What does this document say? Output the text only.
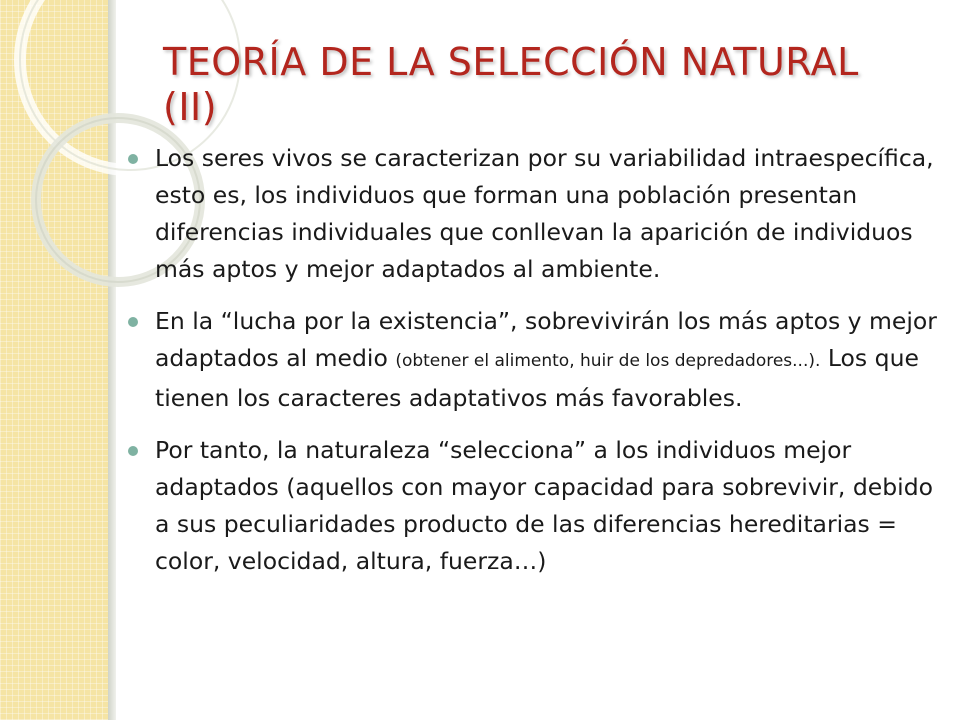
TEORÍA DE LA SELECCIÓN NATURAL (II)
Los seres vivos se caracterizan por su variabilidad intraespecífica, esto es, los individuos que forman una población presentan diferencias individuales que conllevan la aparición de individuos más aptos y mejor adaptados al ambiente.
En la “lucha por la existencia”, sobrevivirán los más aptos y mejor adaptados al medio (obtener el alimento, huir de los depredadores...). Los que tienen los caracteres adaptativos más favorables.
Por tanto, la naturaleza “selecciona” a los individuos mejor adaptados (aquellos con mayor capacidad para sobrevivir, debido a sus peculiaridades producto de las diferencias hereditarias = color, velocidad, altura, fuerza…)
